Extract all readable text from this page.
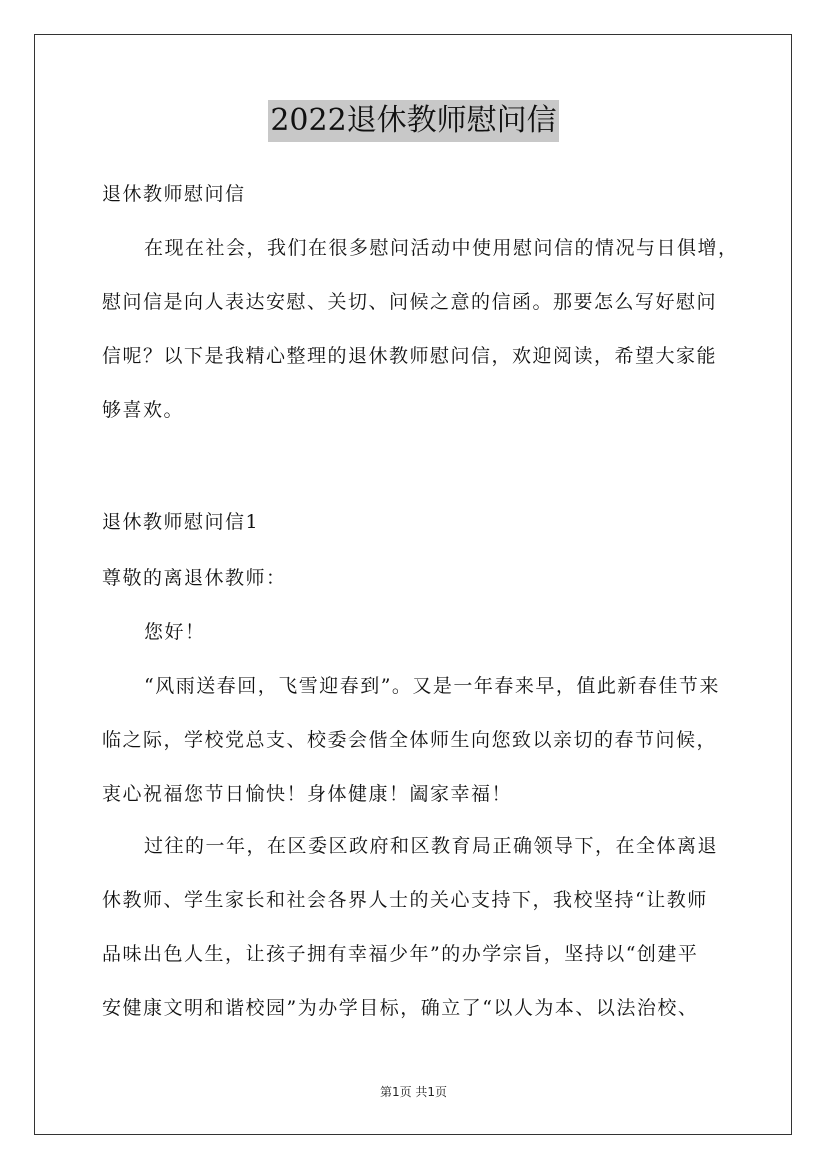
2022退休教师慰问信
退休教师慰问信
在现在社会，我们在很多慰问活动中使用慰问信的情况与日俱增，
慰问信是向人表达安慰、关切、问候之意的信函。那要怎么写好慰问
信呢？以下是我精心整理的退休教师慰问信，欢迎阅读，希望大家能
够喜欢。
退休教师慰问信1
尊敬的离退休教师：
您好！
“风雨送春回，飞雪迎春到”。又是一年春来早，值此新春佳节来
临之际，学校党总支、校委会偕全体师生向您致以亲切的春节问候，
衷心祝福您节日愉快！身体健康！阖家幸福！
过往的一年，在区委区政府和区教育局正确领导下，在全体离退
休教师、学生家长和社会各界人士的关心支持下，我校坚持“让教师
品味出色人生，让孩子拥有幸福少年”的办学宗旨，坚持以“创建平
安健康文明和谐校园”为办学目标，确立了“以人为本、以法治校、
第1页 共1页
